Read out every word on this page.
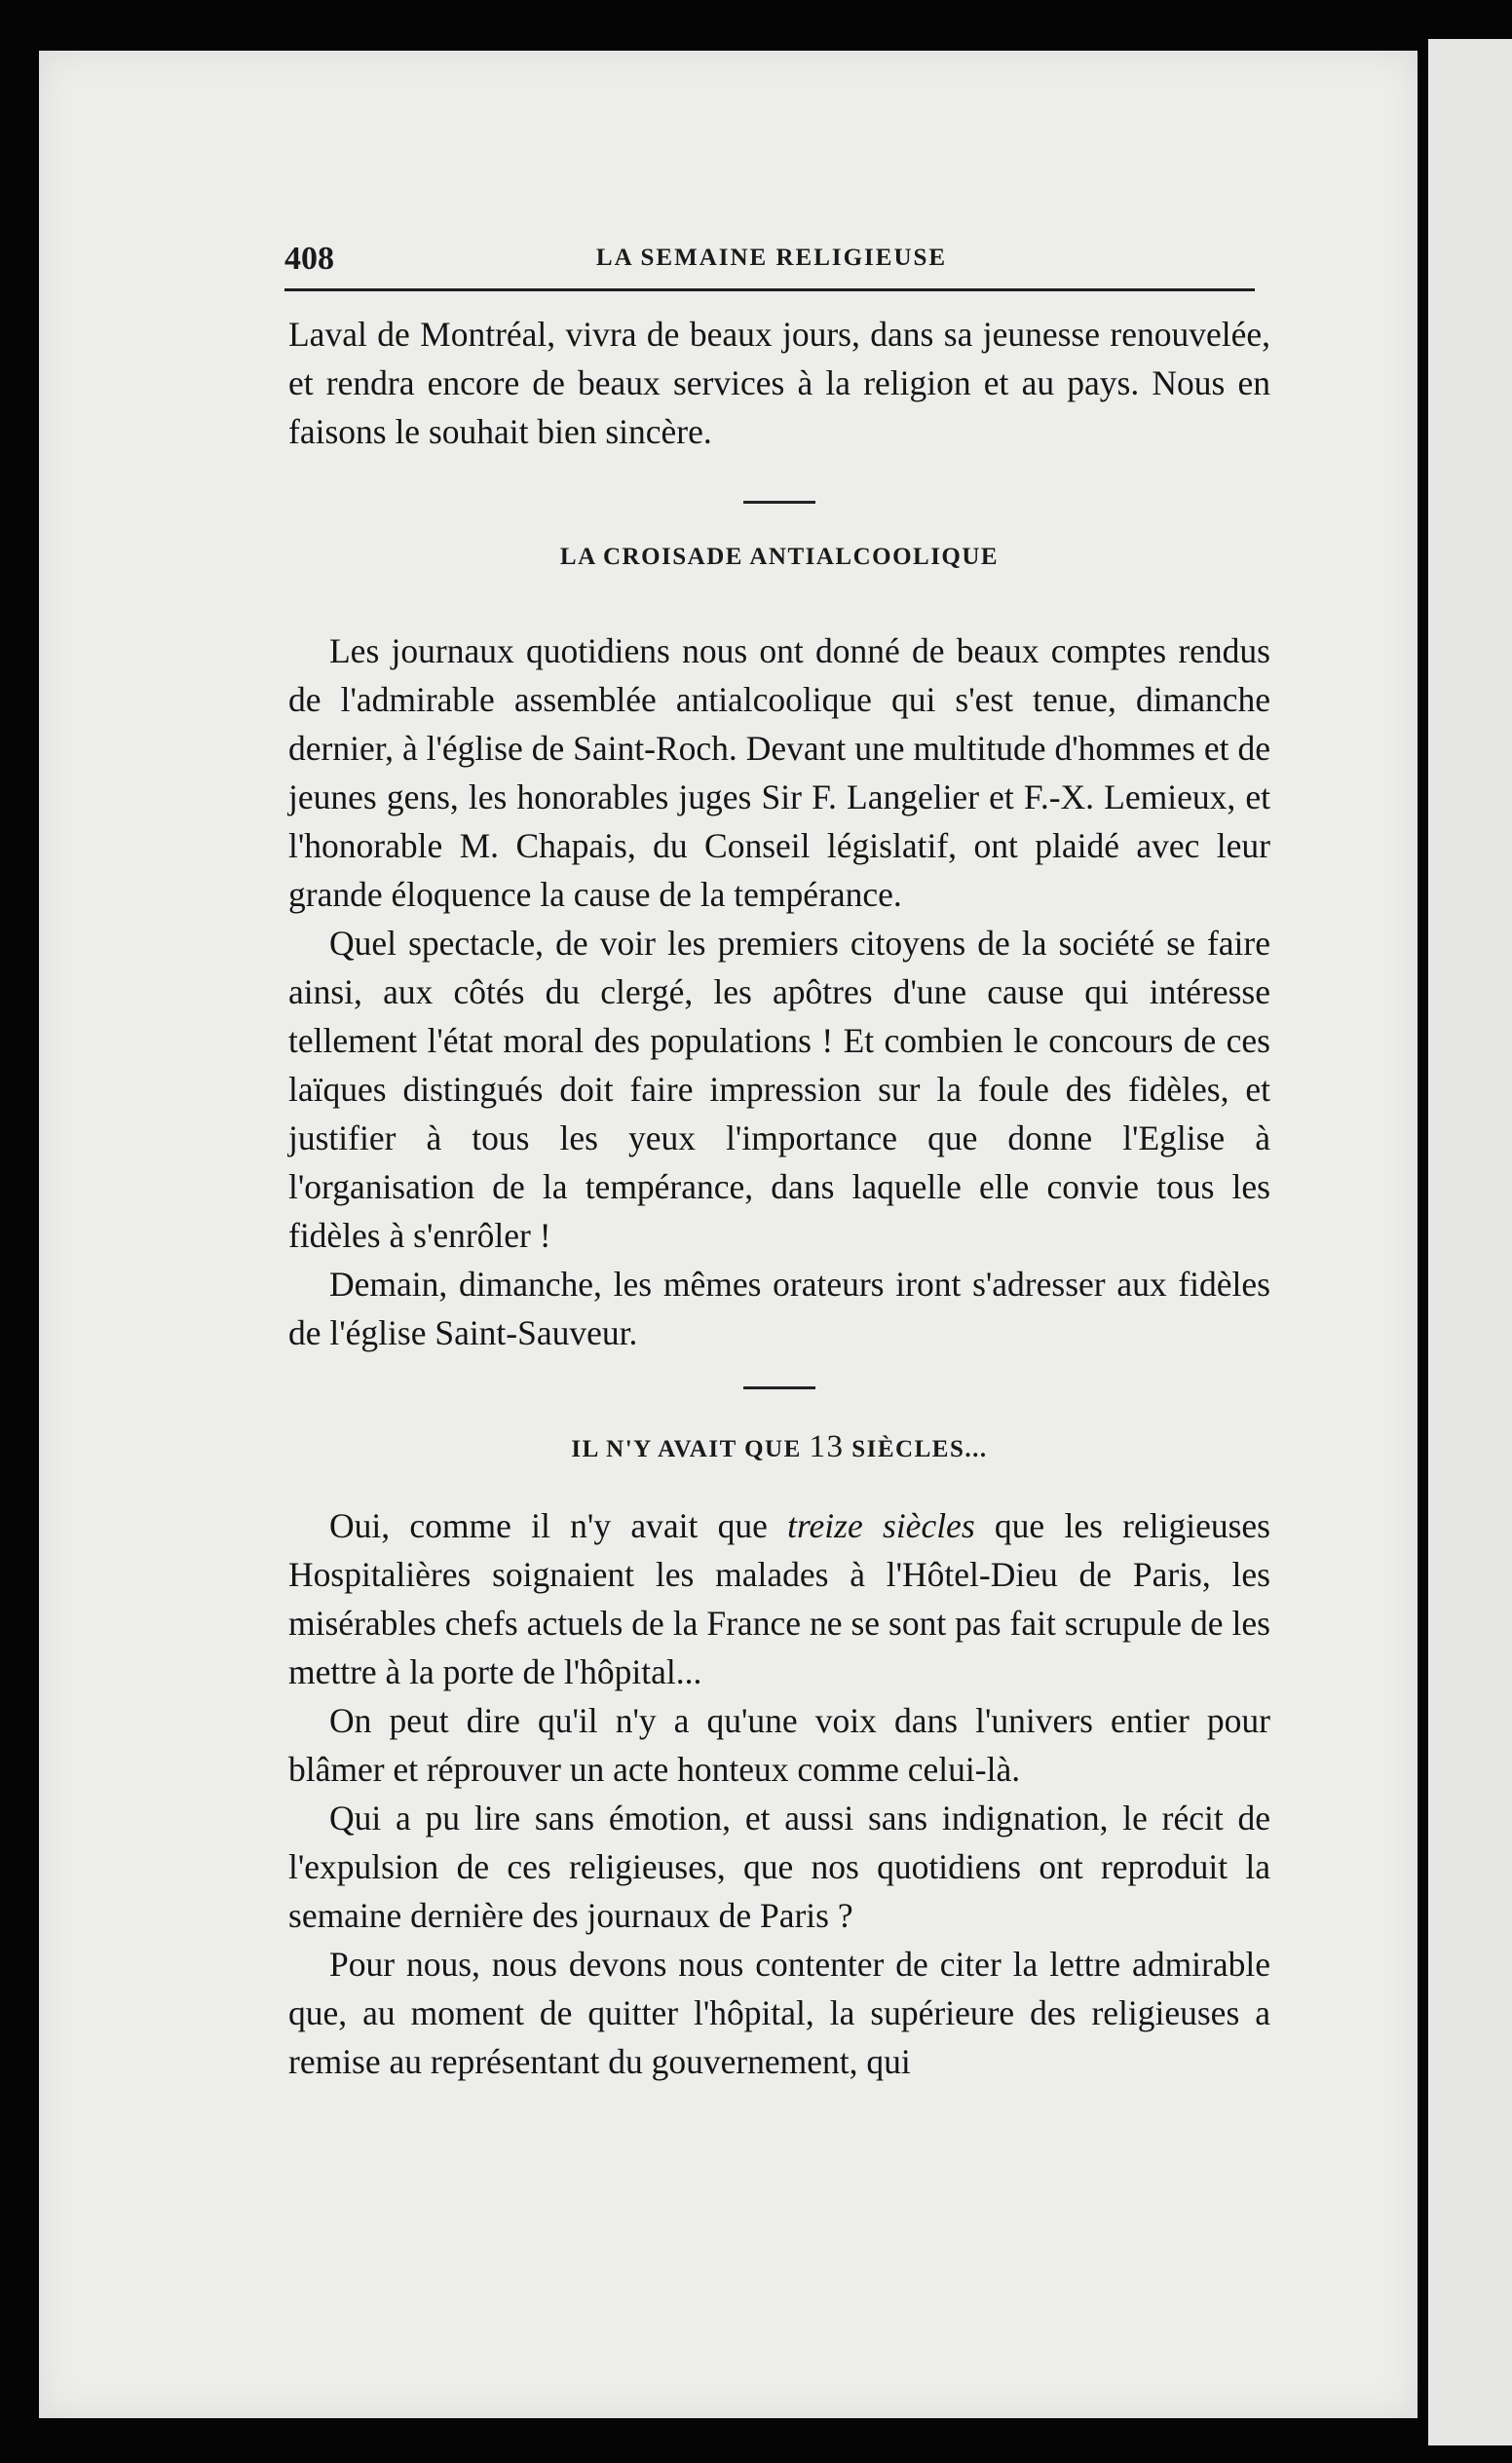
408	LA SEMAINE RELIGIEUSE

Laval de Montréal, vivra de beaux jours, dans sa jeunesse renouvelée, et rendra encore de beaux services à la religion et au pays. Nous en faisons le souhait bien sincère.

LA CROISADE ANTIALCOOLIQUE

Les journaux quotidiens nous ont donné de beaux comptes rendus de l'admirable assemblée antialcoolique qui s'est tenue, dimanche dernier, à l'église de Saint-Roch. Devant une multitude d'hommes et de jeunes gens, les honorables juges Sir F. Langelier et F.-X. Lemieux, et l'honorable M. Chapais, du Conseil législatif, ont plaidé avec leur grande éloquence la cause de la tempérance.

Quel spectacle, de voir les premiers citoyens de la société se faire ainsi, aux côtés du clergé, les apôtres d'une cause qui intéresse tellement l'état moral des populations ! Et combien le concours de ces laïques distingués doit faire impression sur la foule des fidèles, et justifier à tous les yeux l'importance que donne l'Eglise à l'organisation de la tempérance, dans laquelle elle convie tous les fidèles à s'enrôler !

Demain, dimanche, les mêmes orateurs iront s'adresser aux fidèles de l'église Saint-Sauveur.

IL N'Y AVAIT QUE 13 SIÈCLES...

Oui, comme il n'y avait que treize siècles que les religieuses Hospitalières soignaient les malades à l'Hôtel-Dieu de Paris, les misérables chefs actuels de la France ne se sont pas fait scrupule de les mettre à la porte de l'hôpital...

On peut dire qu'il n'y a qu'une voix dans l'univers entier pour blâmer et réprouver un acte honteux comme celui-là.

Qui a pu lire sans émotion, et aussi sans indignation, le récit de l'expulsion de ces religieuses, que nos quotidiens ont reproduit la semaine dernière des journaux de Paris ?

Pour nous, nous devons nous contenter de citer la lettre admirable que, au moment de quitter l'hôpital, la supérieure des religieuses a remise au représentant du gouvernement, qui
